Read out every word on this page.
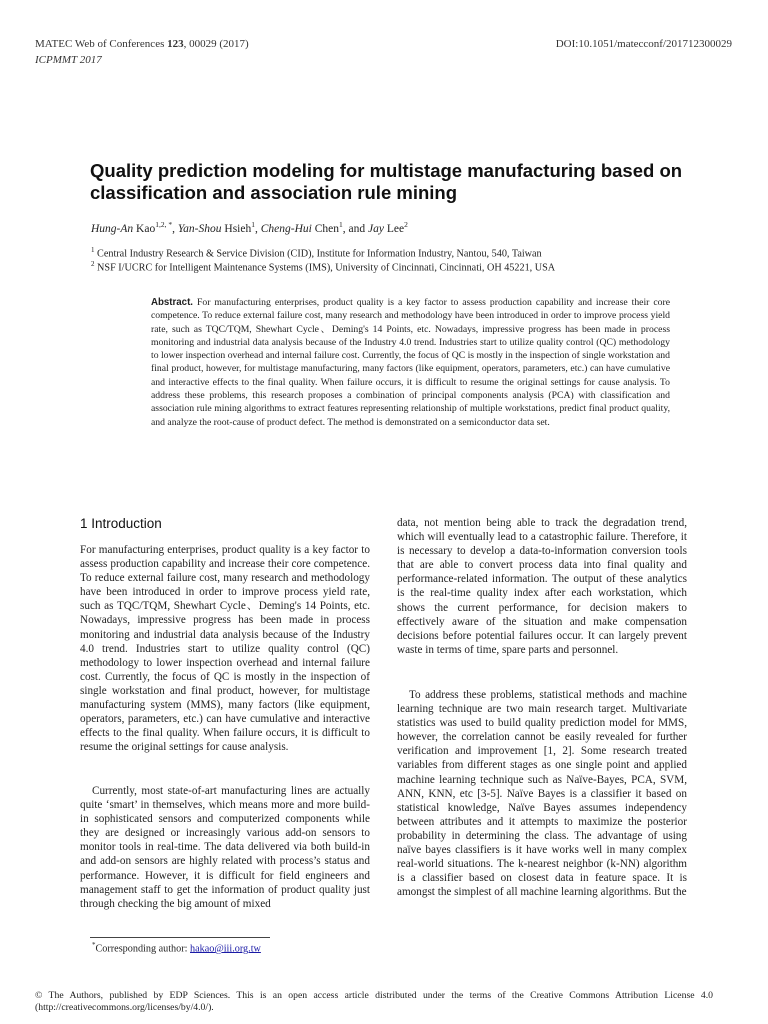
MATEC Web of Conferences 123, 00029 (2017)
ICPMMT 2017
DOI:10.1051/matecconf/201712300029
Quality prediction modeling for multistage manufacturing based on classification and association rule mining
Hung-An Kao$^{1,2, *}$, Yan-Shou Hsieh$^1$, Cheng-Hui Chen$^1$, and Jay Lee$^2$
$^1$ Central Industry Research & Service Division (CID), Institute for Information Industry, Nantou, 540, Taiwan
$^2$ NSF I/UCRC for Intelligent Maintenance Systems (IMS), University of Cincinnati, Cincinnati, OH 45221, USA

Abstract. For manufacturing enterprises, product quality is a key factor to assess production capability and increase their core competence. To reduce external failure cost, many research and methodology have been introduced in order to improve process yield rate, such as TQC/TQM, Shewhart Cycle、Deming's 14 Points, etc. Nowadays, impressive progress has been made in process monitoring and industrial data analysis because of the Industry 4.0 trend. Industries start to utilize quality control (QC) methodology to lower inspection overhead and internal failure cost. Currently, the focus of QC is mostly in the inspection of single workstation and final product, however, for multistage manufacturing, many factors (like equipment, operators, parameters, etc.) can have cumulative and interactive effects to the final quality. When failure occurs, it is difficult to resume the original settings for cause analysis. To address these problems, this research proposes a combination of principal components analysis (PCA) with classification and association rule mining algorithms to extract features representing relationship of multiple workstations, predict final product quality, and analyze the root-cause of product defect. The method is demonstrated on a semiconductor data set.

1 Introduction

For manufacturing enterprises, product quality is a key factor to assess production capability and increase their core competence. To reduce external failure cost, many research and methodology have been introduced in order to improve process yield rate, such as TQC/TQM, Shewhart Cycle、Deming's 14 Points, etc. Nowadays, impressive progress has been made in process monitoring and industrial data analysis because of the Industry 4.0 trend. Industries start to utilize quality control (QC) methodology to lower inspection overhead and internal failure cost. Currently, the focus of QC is mostly in the inspection of single workstation and final product, however, for multistage manufacturing system (MMS), many factors (like equipment, operators, parameters, etc.) can have cumulative and interactive effects to the final quality. When failure occurs, it is difficult to resume the original settings for cause analysis.

Currently, most state-of-art manufacturing lines are actually quite ‘smart’ in themselves, which means more and more build-in sophisticated sensors and computerized components while they are designed or increasingly various add-on sensors to monitor tools in real-time. The data delivered via both build-in and add-on sensors are highly related with process’s status and performance. However, it is difficult for field engineers and management staff to get the information of product quality just through checking the big amount of mixed

data, not mention being able to track the degradation trend, which will eventually lead to a catastrophic failure. Therefore, it is necessary to develop a data-to-information conversion tools that are able to convert process data into final quality and performance-related information. The output of these analytics is the real-time quality index after each workstation, which shows the current performance, for decision makers to effectively aware of the situation and make compensation decisions before potential failures occur. It can largely prevent waste in terms of time, spare parts and personnel.

To address these problems, statistical methods and machine learning technique are two main research target. Multivariate statistics was used to build quality prediction model for MMS, however, the correlation cannot be easily revealed for further verification and improvement [1, 2]. Some research treated variables from different stages as one single point and applied machine learning technique such as Naïve-Bayes, PCA, SVM, ANN, KNN, etc [3-5]. Naïve Bayes is a classifier it based on statistical knowledge, Naïve Bayes assumes independency between attributes and it attempts to maximize the posterior probability in determining the class. The advantage of using naïve bayes classifiers is it have works well in many complex real-world situations. The k-nearest neighbor (k-NN) algorithm is a classifier based on closest data in feature space. It is amongst the simplest of all machine learning algorithms. But the

*Corresponding author: hakao@iii.org.tw

© The Authors, published by EDP Sciences. This is an open access article distributed under the terms of the Creative Commons Attribution License 4.0 (http://creativecommons.org/licenses/by/4.0/).
